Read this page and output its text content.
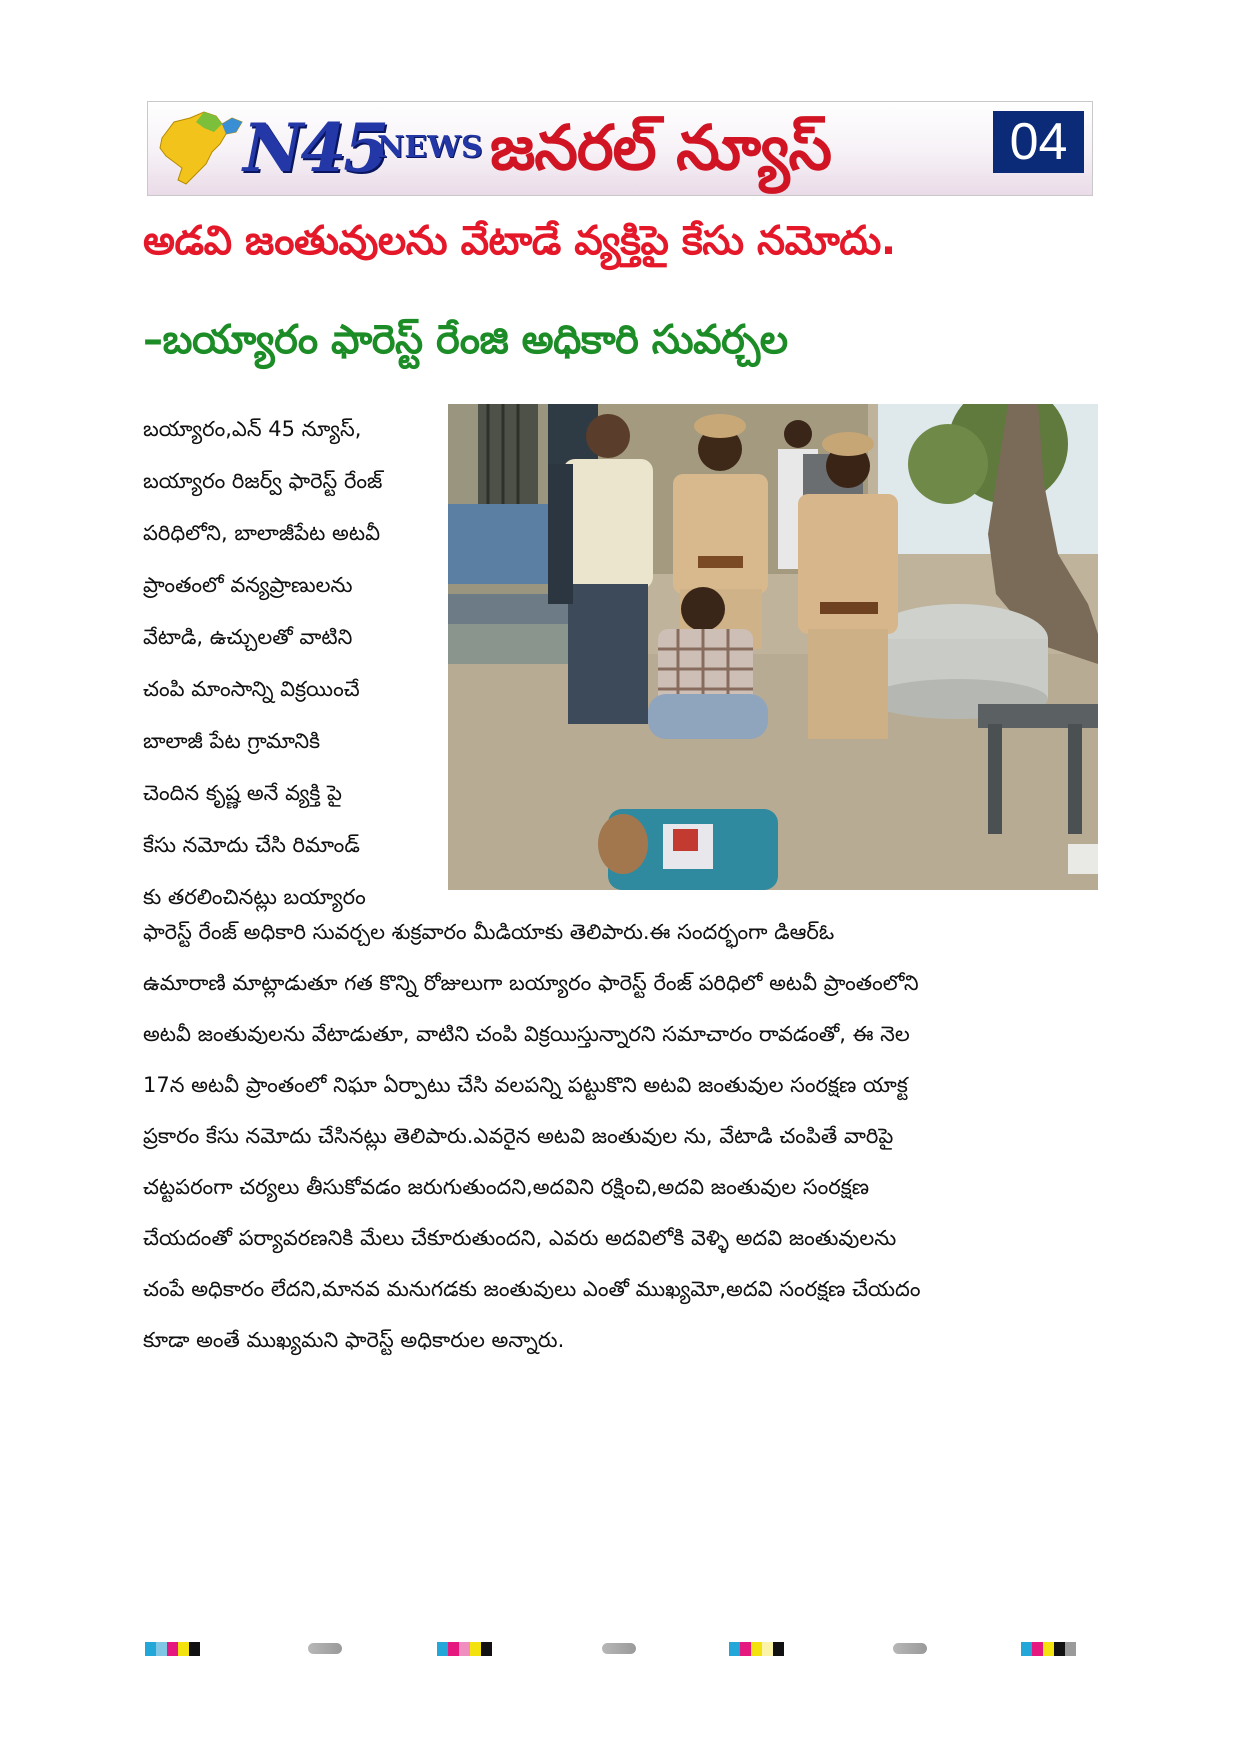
N45
NEWS జనరల్ న్యూస్	04
అడవి జంతువులను వేటాడే వ్యక్తిపై కేసు నమోదు.
–బయ్యారం ఫారెస్ట్ రేంజి అధికారి సువర్చల
బయ్యారం,ఎన్ 45 న్యూస్,
బయ్యారం రిజర్వ్ ఫారెస్ట్ రేంజ్
పరిధిలోని, బాలాజీపేట అటవీ
ప్రాంతంలో వన్యప్రాణులను
వేటాడి, ఉచ్చులతో వాటిని
చంపి మాంసాన్ని విక్రయించే
బాలాజీ పేట గ్రామానికి
చెందిన కృష్ణ అనే వ్యక్తి పై
కేసు నమోదు చేసి రిమాండ్
కు తరలించినట్లు బయ్యారం
ఫారెస్ట్ రేంజ్ అధికారి సువర్చల శుక్రవారం మీడియాకు తెలిపారు.ఈ సందర్భంగా డిఆర్ఓ
ఉమారాణి మాట్లాడుతూ గత కొన్ని రోజులుగా బయ్యారం ఫారెస్ట్ రేంజ్ పరిధిలో అటవీ ప్రాంతంలోని
అటవీ జంతువులను వేటాడుతూ, వాటిని చంపి విక్రయిస్తున్నారని సమాచారం రావడంతో, ఈ నెల
17న అటవీ ప్రాంతంలో నిఘా ఏర్పాటు చేసి వలపన్ని పట్టుకొని అటవి జంతువుల సంరక్షణ యాక్ట
ప్రకారం కేసు నమోదు చేసినట్లు తెలిపారు.ఎవరైన అటవి జంతువుల ను, వేటాడి చంపితే వారిపై
చట్టపరంగా చర్యలు తీసుకోవడం జరుగుతుందని,అదవిని రక్షించి,అదవి జంతువుల సంరక్షణ
చేయదంతో పర్యావరణనికి మేలు చేకూరుతుందని, ఎవరు అదవిలోకి వెళ్ళి అదవి జంతువులను
చంపే అధికారం లేదని,మానవ మనుగడకు జంతువులు ఎంతో ముఖ్యమో,అదవి సంరక్షణ చేయదం
కూడా అంతే ముఖ్యమని ఫారెస్ట్ అధికారుల అన్నారు.
